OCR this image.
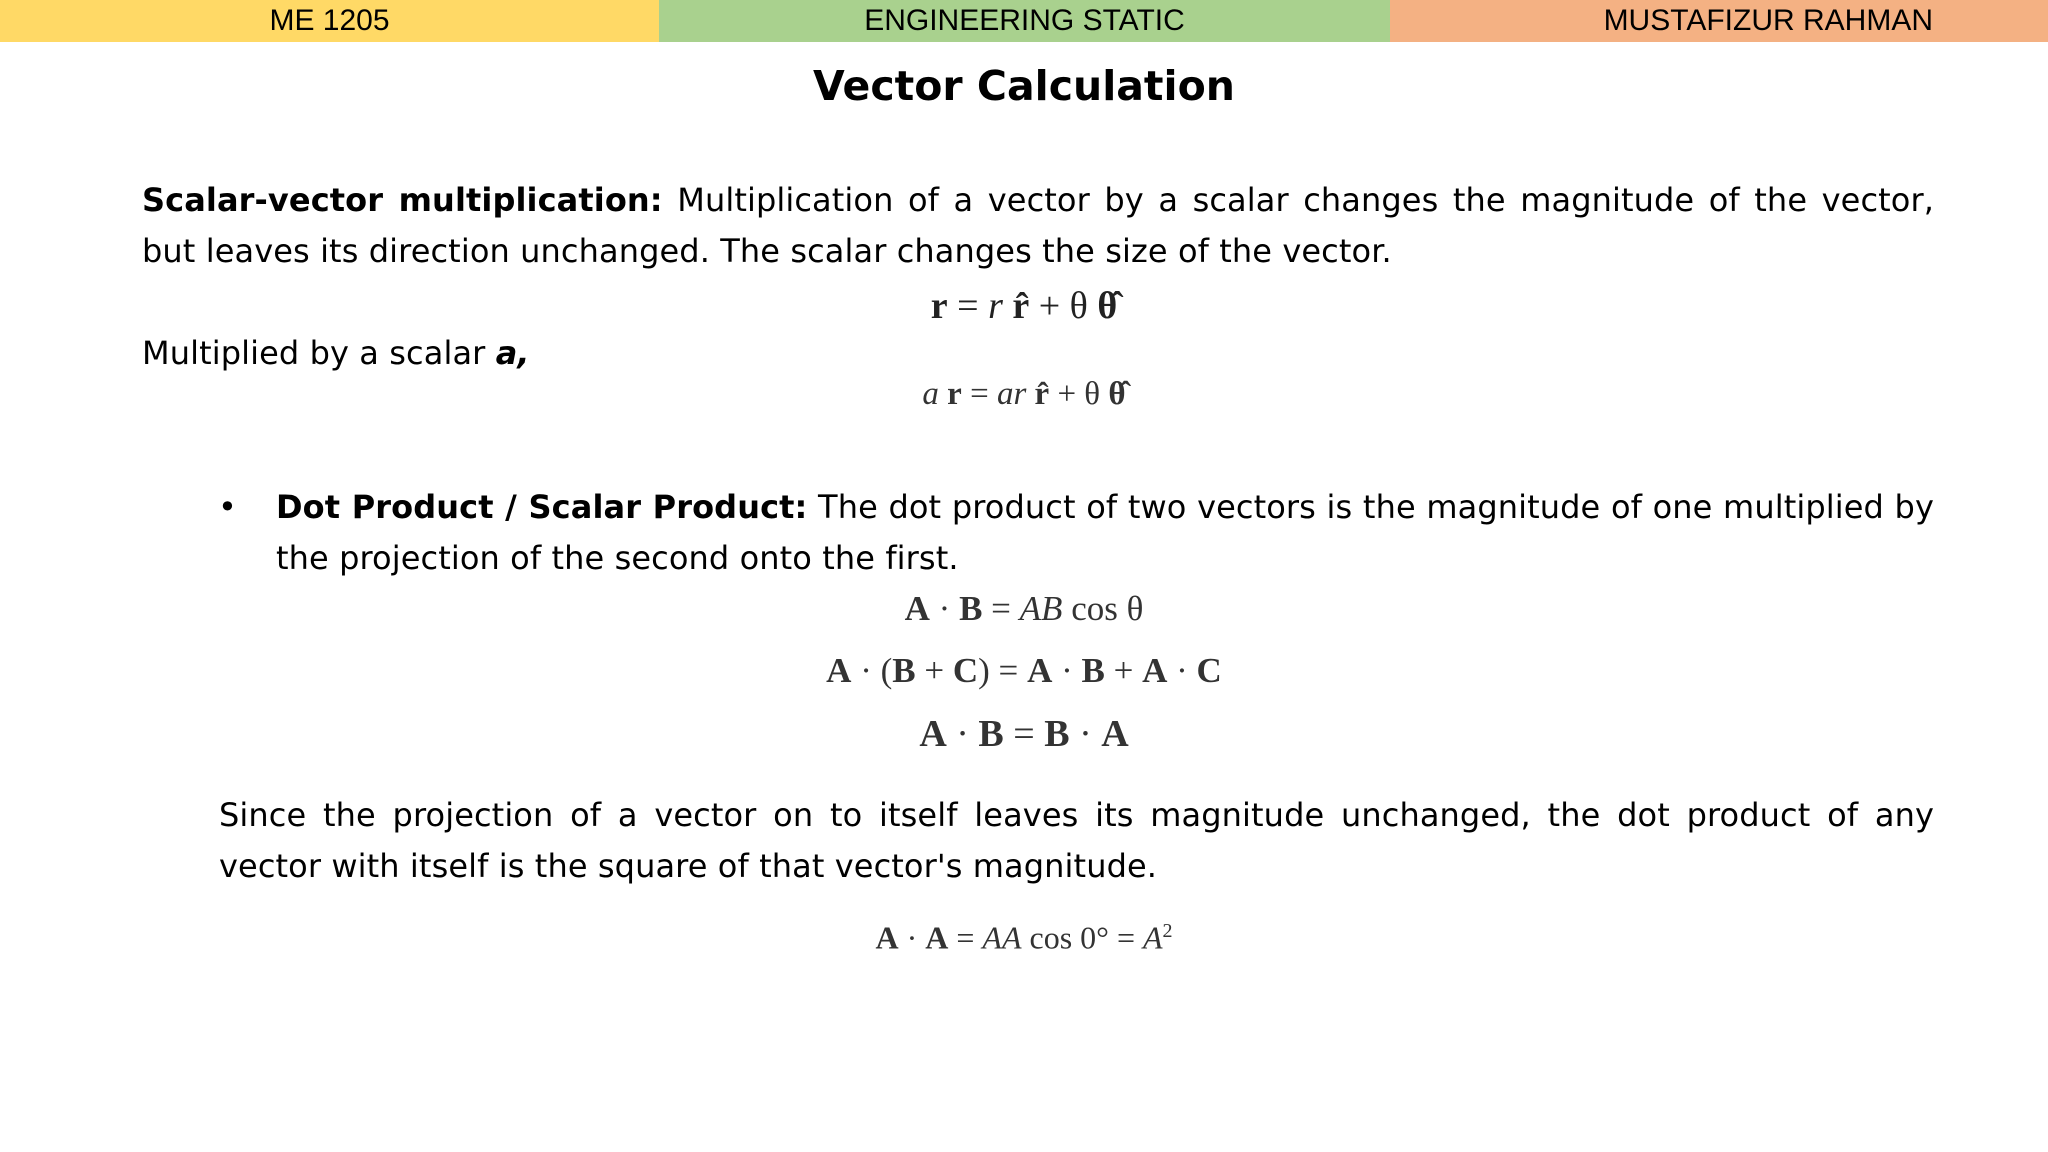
ME 1205	ENGINEERING STATIC	MUSTAFIZUR RAHMAN
Vector Calculation

Scalar-vector multiplication: Multiplication of a vector by a scalar changes the magnitude of the vector, but leaves its direction unchanged. The scalar changes the size of the vector.

r = r r̂ + θ θ̂

Multiplied by a scalar a,

a r = ar r̂ + θ θ̂
• Dot Product / Scalar Product: The dot product of two vectors is the magnitude of one multiplied by the projection of the second onto the first.

A · B = AB cos θ
A · (B + C) = A · B + A · C
A · B = B · A

Since the projection of a vector on to itself leaves its magnitude unchanged, the dot product of any vector with itself is the square of that vector's magnitude.

A · A = AA $\cos 0^\circ = A^2$
